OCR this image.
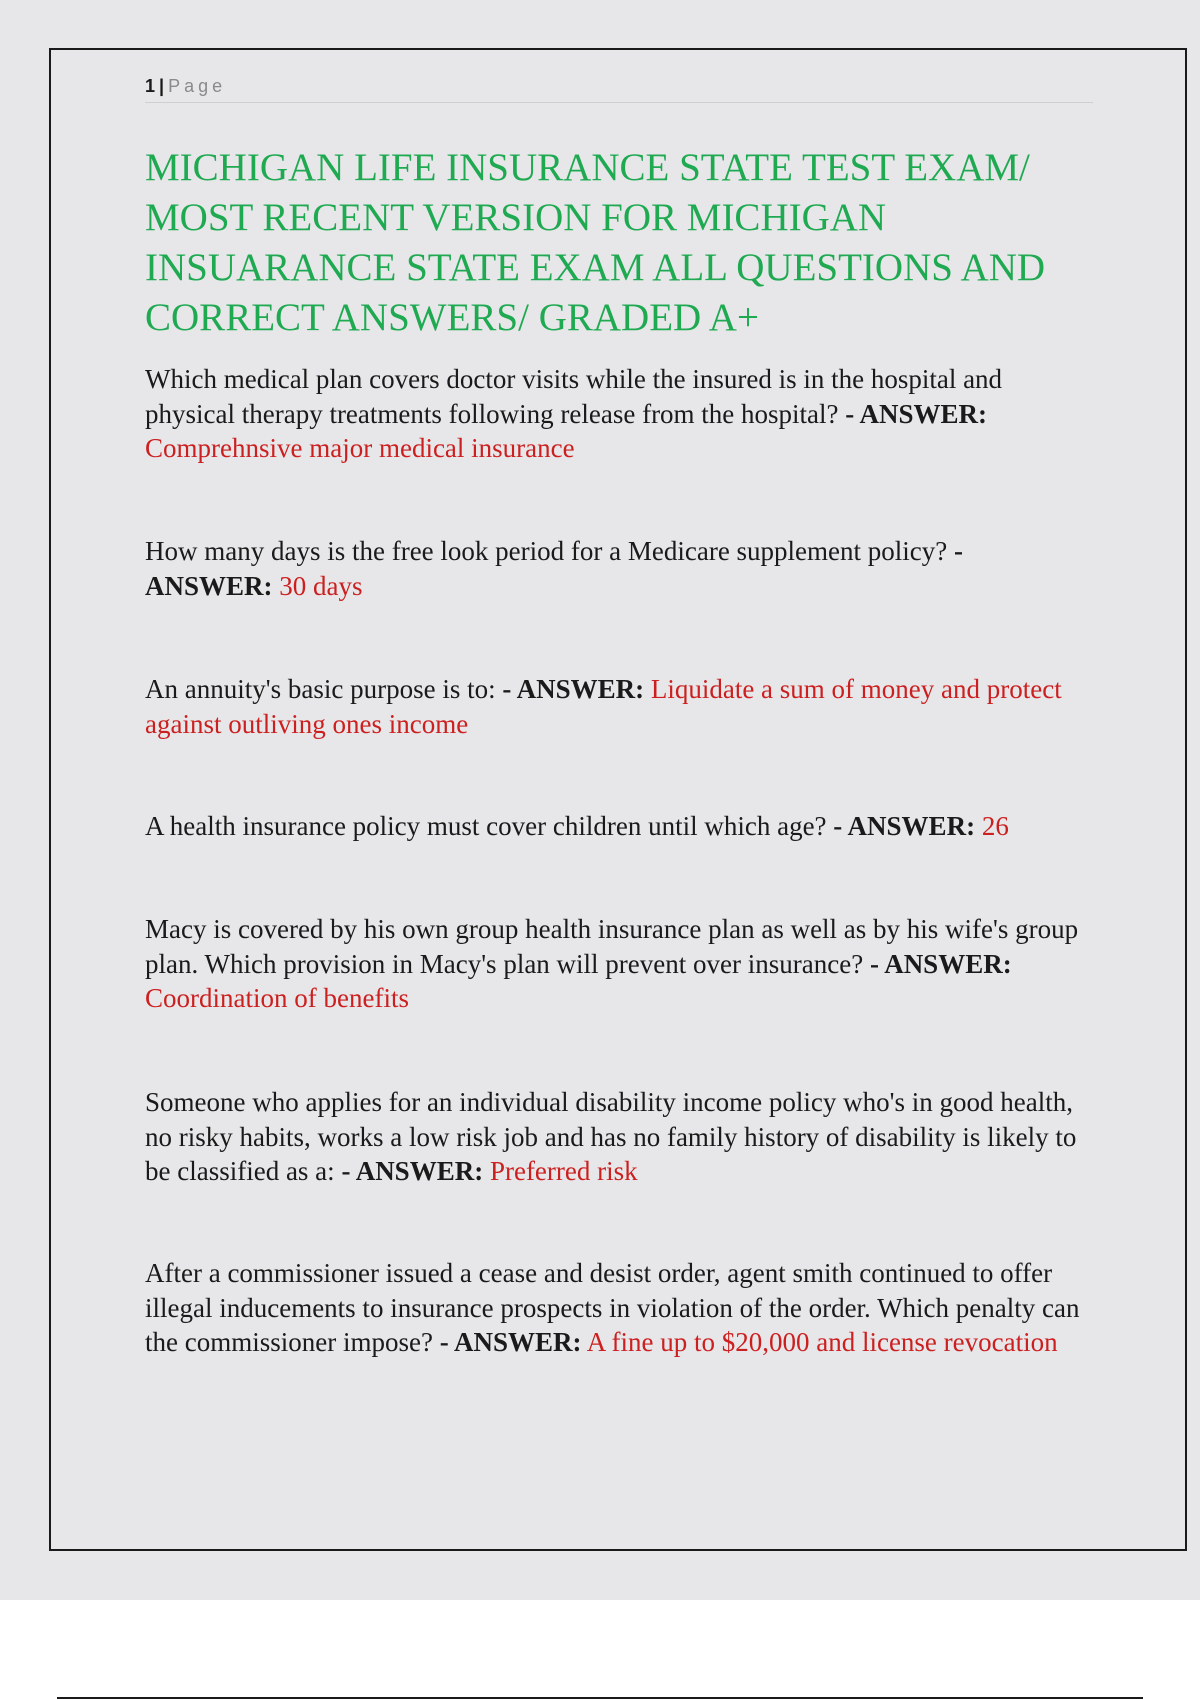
1 | Page
MICHIGAN LIFE INSURANCE STATE TEST EXAM/ MOST RECENT VERSION FOR MICHIGAN INSUARANCE STATE EXAM ALL QUESTIONS AND CORRECT ANSWERS/ GRADED A+

Which medical plan covers doctor visits while the insured is in the hospital and physical therapy treatments following release from the hospital? - ANSWER: Comprehnsive major medical insurance

How many days is the free look period for a Medicare supplement policy? - ANSWER: 30 days

An annuity's basic purpose is to: - ANSWER: Liquidate a sum of money and protect against outliving ones income

A health insurance policy must cover children until which age? - ANSWER: 26

Macy is covered by his own group health insurance plan as well as by his wife's group plan. Which provision in Macy's plan will prevent over insurance? - ANSWER: Coordination of benefits

Someone who applies for an individual disability income policy who's in good health, no risky habits, works a low risk job and has no family history of disability is likely to be classified as a: - ANSWER: Preferred risk

After a commissioner issued a cease and desist order, agent smith continued to offer illegal inducements to insurance prospects in violation of the order. Which penalty can the commissioner impose? - ANSWER: A fine up to $20,000 and license revocation
